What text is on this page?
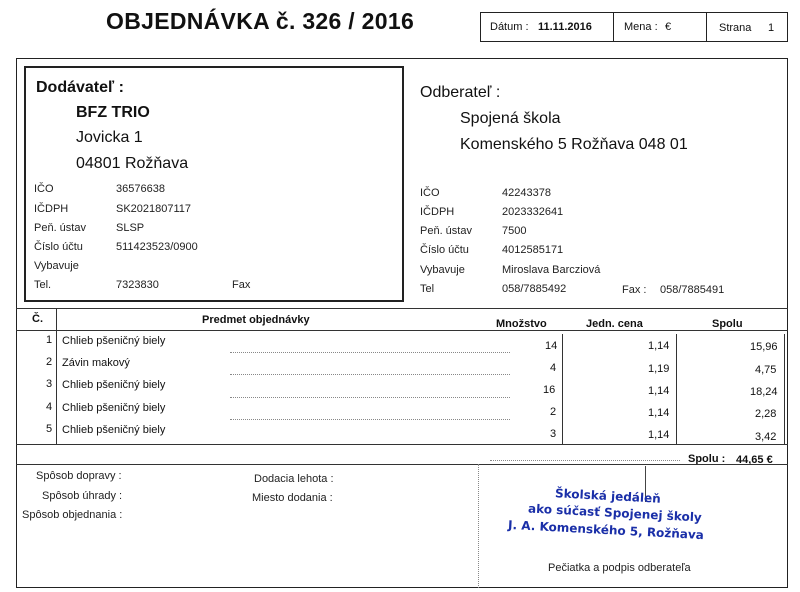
OBJEDNÁVKA č. 326 / 2016	Dátum : 11.11.2016	Mena : €	Strana 1
Dodávateľ :
BFZ TRIO
Jovicka 1
04801 Rožňava
IČO	36576638
IČDPH	SK2021807117
Peň. ústav	SLSP
Číslo účtu	511423523/0900
Vybavuje
Tel.	7323830	Fax
Odberateľ :
Spojená škola
Komenského 5 Rožňava 048 01
IČO	42243378
IČDPH	2023332641
Peň. ústav	7500
Číslo účtu	4012585171
Vybavuje	Miroslava Barcziová
Tel	058/7885492	Fax : 058/7885491
Č.	Predmet objednávky	Množstvo	Jedn. cena	Spolu
1 Chlieb pšeničný biely	14	1,14	15,96
2 Závin makový	4	1,19	4,75
3 Chlieb pšeničný biely	16	1,14	18,24
4 Chlieb pšeničný biely	2	1,14	2,28
5 Chlieb pšeničný biely	3	1,14	3,42
Spolu : 44,65 €
Spôsob dopravy :
Spôsob úhrady :
Spôsob objednania :
Dodacia lehota :
Miesto dodania :	Školská jedáleň
ako súčasť Spojenej školy
J. A. Komenského 5, Rožňava
Pečiatka a podpis odberateľa
